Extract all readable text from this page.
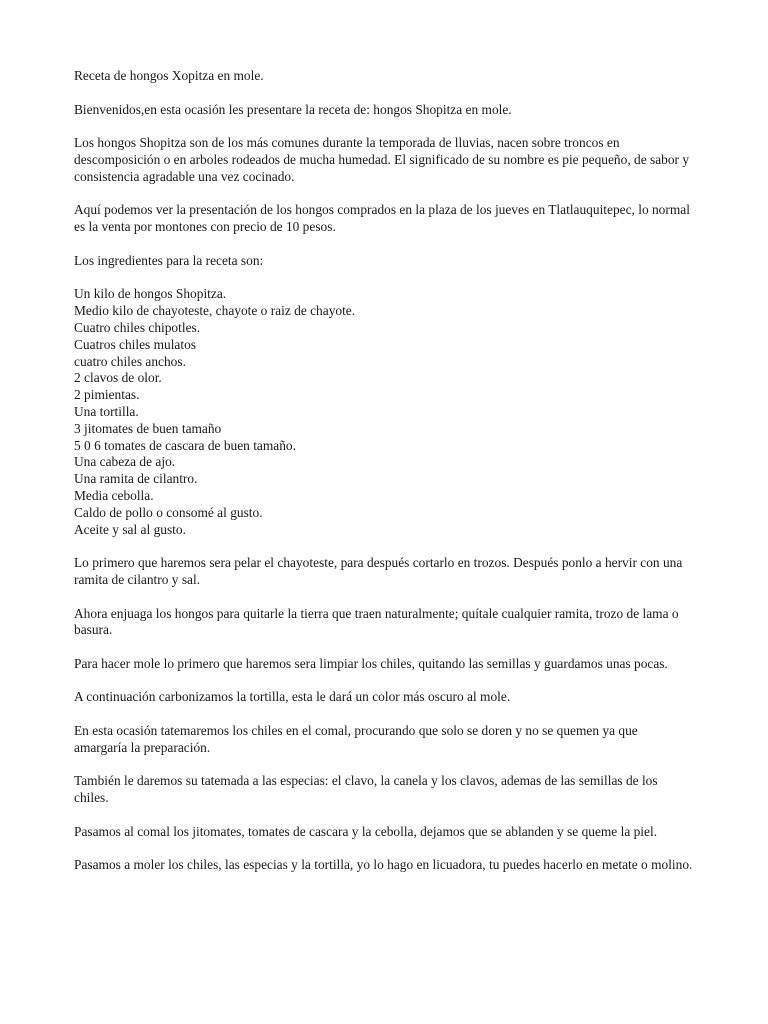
Receta de hongos Xopitza en mole.

Bienvenidos,en esta ocasión les presentare la receta de: hongos Shopitza en mole.

Los hongos Shopitza son de los más comunes durante la temporada de lluvias, nacen sobre troncos en descomposición o en arboles rodeados de mucha humedad. El significado de su nombre es pie pequeño, de sabor y consistencia agradable una vez cocinado.

Aquí podemos ver la presentación de los hongos comprados en la plaza de los jueves en Tlatlauquitepec, lo normal es la venta por montones con precio de 10 pesos.

Los ingredientes para la receta son:

Un kilo de hongos Shopitza.
Medio kilo de chayoteste, chayote o raiz de chayote.
Cuatro chiles chipotles.
Cuatros chiles mulatos
cuatro chiles anchos.
2 clavos de olor.
2 pimientas.
Una tortilla.
3 jitomates de buen tamaño
5 0 6 tomates de cascara de buen tamaño.
Una cabeza de ajo.
Una ramita de cilantro.
Media cebolla.
Caldo de pollo o consomé al gusto.
Aceite y sal al gusto.

Lo primero que haremos sera pelar el chayoteste, para después cortarlo en trozos. Después ponlo a hervir con una ramita de cilantro y sal.

Ahora enjuaga los hongos para quitarle la tierra que traen naturalmente; quítale cualquier ramita, trozo de lama o basura.

Para hacer mole lo primero que haremos sera limpiar los chiles, quitando las semillas y guardamos unas pocas.

A continuación carbonizamos la tortilla, esta le dará un color más oscuro al mole.

En esta ocasión tatemaremos los chiles en el comal, procurando que solo se doren y no se quemen ya que amargaría la preparación.

También le daremos su tatemada a las especias: el clavo, la canela y los clavos, ademas de las semillas de los chiles.

Pasamos al comal los jitomates, tomates de cascara y la cebolla, dejamos que se ablanden y se queme la piel.

Pasamos a moler los chiles, las especias y la tortilla, yo lo hago en licuadora, tu puedes hacerlo en metate o molino.
